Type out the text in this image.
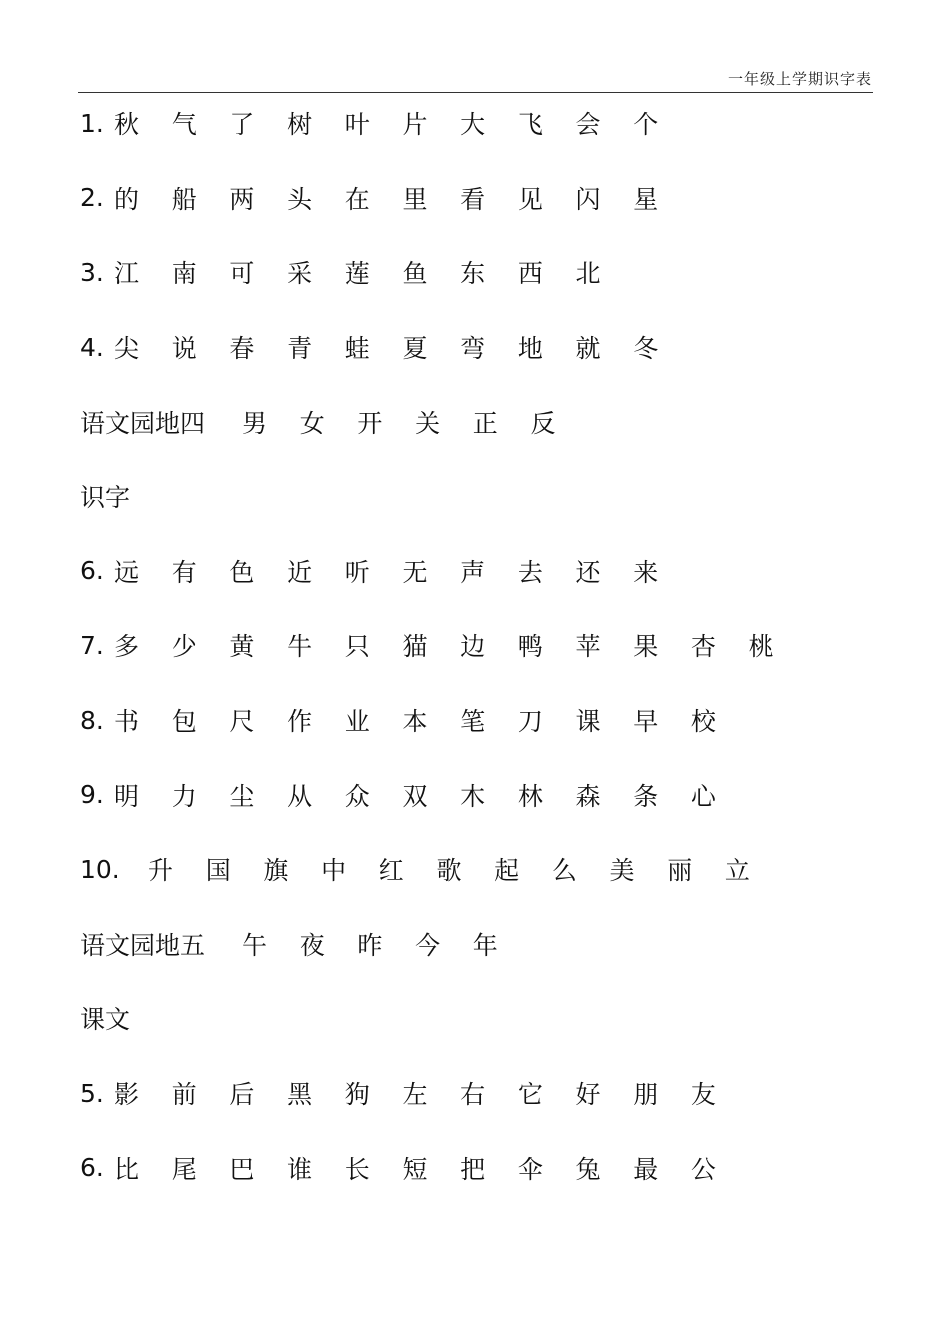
一年级上学期识字表
1. 秋	气	了	树	叶	片	大	飞	会	个
2. 的	船	两	头	在	里	看	见	闪	星
3. 江	南	可	采	莲	鱼	东	西	北
4. 尖	说	春	青	蛙	夏	弯	地	就	冬
语文园地四	男	女	开	关	正	反
识字
6. 远	有	色	近	听	无	声	去	还	来
7. 多	少	黄	牛	只	猫	边	鸭	苹	果	杏	桃
8. 书	包	尺	作	业	本	笔	刀	课	早	校
9. 明	力	尘	从	众	双	木	林	森	条	心
10.	升	国	旗	中	红	歌	起	么	美	丽	立
语文园地五	午	夜	昨	今	年
课文
5. 影	前	后	黑	狗	左	右	它	好	朋	友
6. 比	尾	巴	谁	长	短	把	伞	兔	最	公
